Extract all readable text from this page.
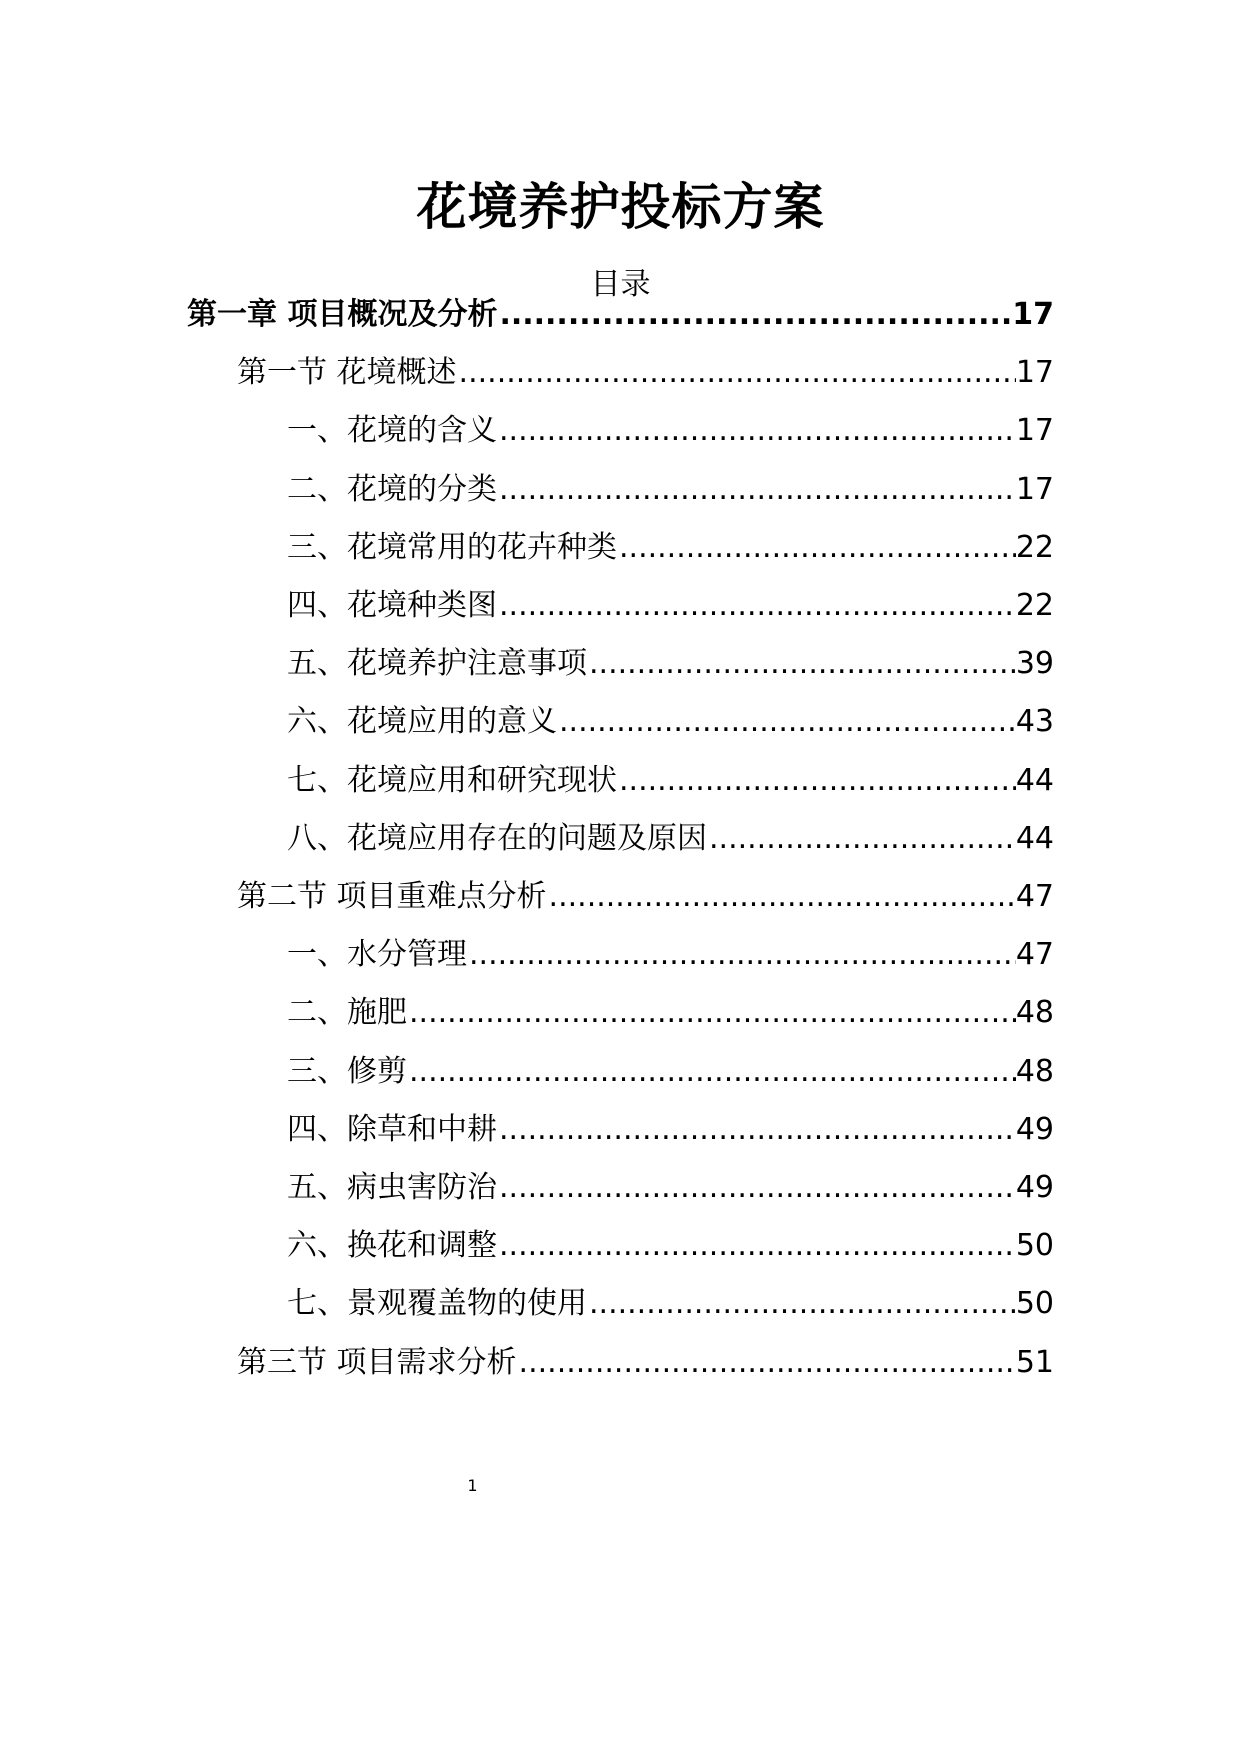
花境养护投标方案
目录
第一章 项目概况及分析 .....	17
第一节 花境概述 .....	17
一、花境的含义 .....	17
二、花境的分类 .....	17
三、花境常用的花卉种类 .....	22
四、花境种类图 .....	22
五、花境养护注意事项 .....	39
六、花境应用的意义 .....	43
七、花境应用和研究现状 .....	44
八、花境应用存在的问题及原因 .....	44
第二节 项目重难点分析 .....	47
一、水分管理 .....	47
二、施肥 .....	48
三、修剪 .....	48
四、除草和中耕 .....	49
五、病虫害防治 .....	49
六、换花和调整 .....	50
七、景观覆盖物的使用 .....	50
第三节 项目需求分析 .....	51
1
